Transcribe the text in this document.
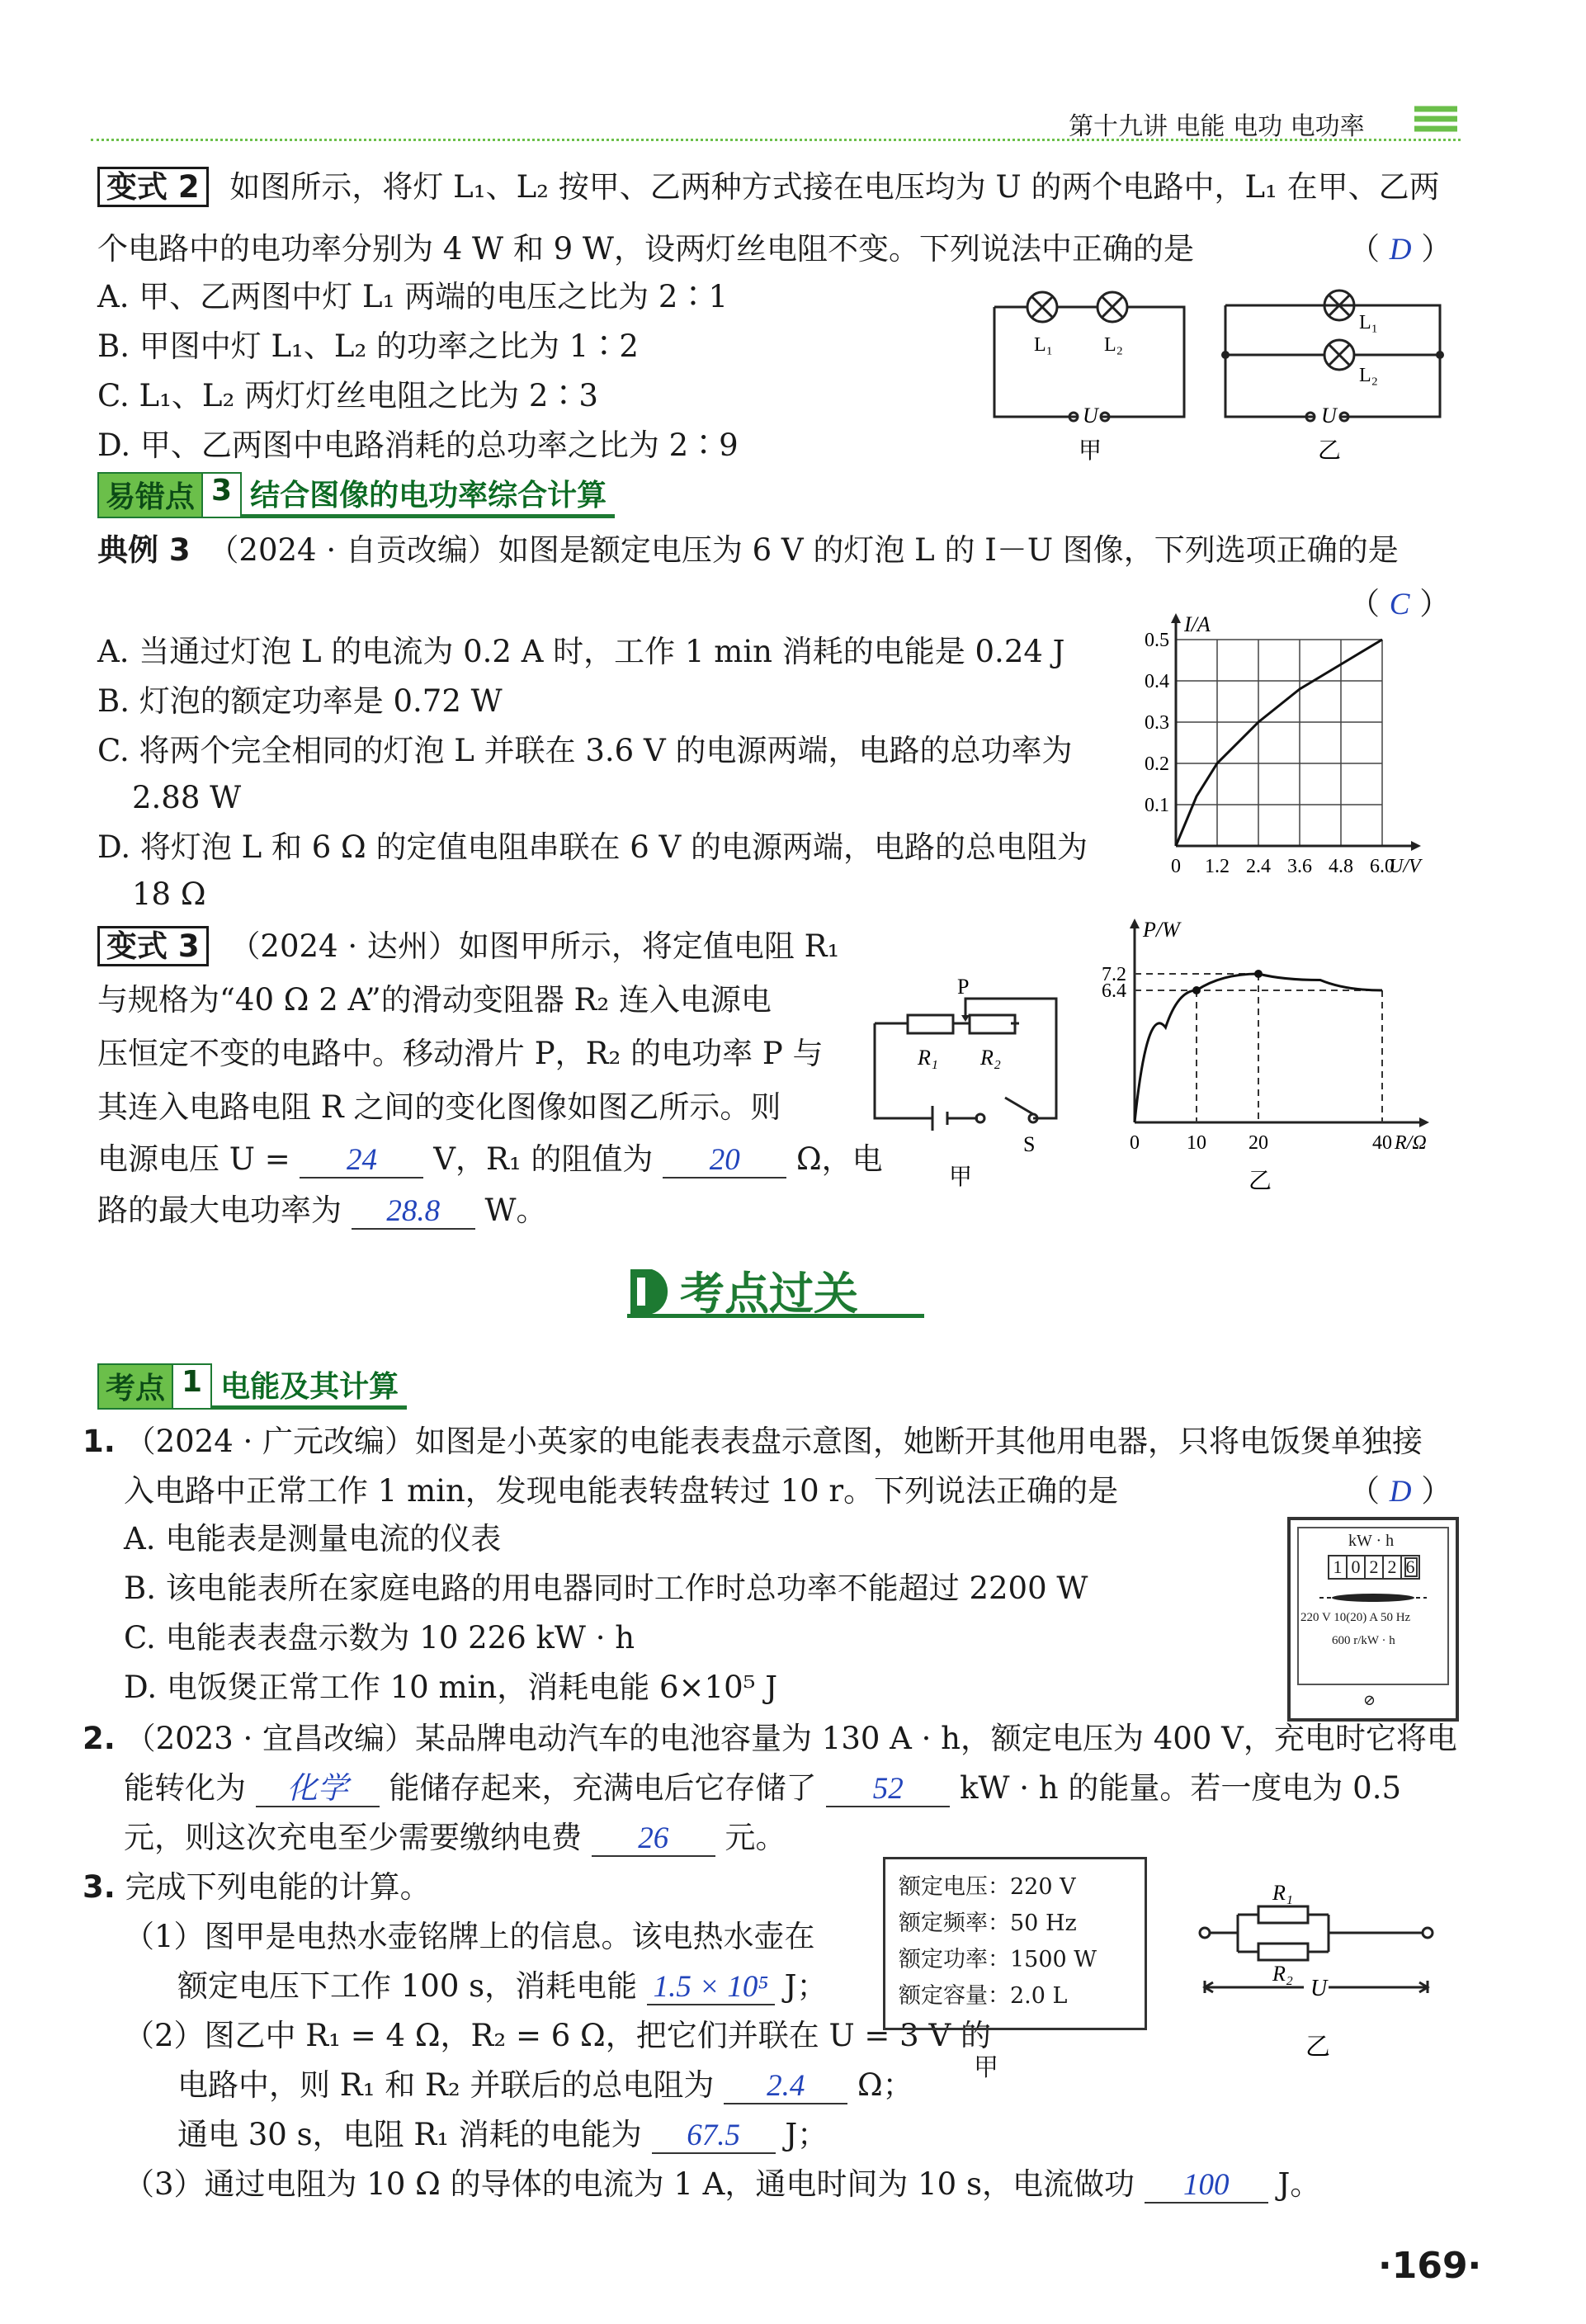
第十九讲 电能 电功 电功率
变式 2 如图所示，将灯 L₁、L₂ 按甲、乙两种方式接在电压均为 U 的两个电路中，L₁ 在甲、乙两
个电路中的电功率分别为 4 W 和 9 W，设两灯丝电阻不变。下列说法中正确的是	（ D ）
A. 甲、乙两图中灯 L₁ 两端的电压之比为 2∶1
B. 甲图中灯 L₁、L₂ 的功率之比为 1∶2
C. L₁、L₂ 两灯灯丝电阻之比为 2∶3
D. 甲、乙两图中电路消耗的总功率之比为 2∶9
L₁	L₂
U
甲
L₁
L₂
U
乙
易错点 3 结合图像的电功率综合计算
典例 3 （2024 · 自贡改编）如图是额定电压为 6 V 的灯泡 L 的 I－U 图像，下列选项正确的是
（ C ）
A. 当通过灯泡 L 的电流为 0.2 A 时，工作 1 min 消耗的电能是 0.24 J
B. 灯泡的额定功率是 0.72 W
C. 将两个完全相同的灯泡 L 并联在 3.6 V 的电源两端，电路的总功率为
2.88 W
D. 将灯泡 L 和 6 Ω 的定值电阻串联在 6 V 的电源两端，电路的总电阻为
18 Ω
0 1.2 2.4 3.6 4.8 6.0
0.1
0.2
0.3
0.4
0.5
I/A
U/V
变式 3 （2024 · 达州）如图甲所示，将定值电阻 R₁
与规格为“40 Ω 2 A”的滑动变阻器 R₂ 连入电源电
压恒定不变的电路中。移动滑片 P，R₂ 的电功率 P 与
其连入电路电阻 R 之间的变化图像如图乙所示。则
电源电压 U = 24 V，R₁ 的阻值为 20 Ω，电
路的最大电功率为 28.8 W。
R₁ R₂
P
S
甲
0 10 20	40
6.4
7.2
P/W
R/Ω
乙
考点过关
考点 1 电能及其计算
1. （2024 · 广元改编）如图是小英家的电能表表盘示意图，她断开其他用电器，只将电饭煲单独接
入电路中正常工作 1 min，发现电能表转盘转过 10 r。下列说法正确的是	（ D ）
A. 电能表是测量电流的仪表
B. 该电能表所在家庭电路的用电器同时工作时总功率不能超过 2200 W
C. 电能表表盘示数为 10 226 kW · h
D. 电饭煲正常工作 10 min，消耗电能 6×10⁵ J
kW · h
1 0 2 2 6
220 V 10(20) A 50 Hz
600 r/kW · h
⊘
2. （2023 · 宜昌改编）某品牌电动汽车的电池容量为 130 A · h，额定电压为 400 V，充电时它将电
能转化为 化学 能储存起来，充满电后它存储了 52 kW · h 的能量。若一度电为 0.5
元，则这次充电至少需要缴纳电费 26 元。
3. 完成下列电能的计算。
（1）图甲是电热水壶铭牌上的信息。该电热水壶在
额定电压下工作 100 s，消耗电能 1.5 × 10⁵ J；
（2）图乙中 R₁ = 4 Ω，R₂ = 6 Ω，把它们并联在 U = 3 V 的
电路中，则 R₁ 和 R₂ 并联后的总电阻为 2.4 Ω；
通电 30 s，电阻 R₁ 消耗的电能为 67.5 J；
（3）通过电阻为 10 Ω 的导体的电流为 1 A，通电时间为 10 s，电流做功 100 J。
额定电压：220 V
额定频率：50 Hz
额定功率：1500 W
额定容量：2.0 L
甲
R₁
R₂
U
乙
·169·
